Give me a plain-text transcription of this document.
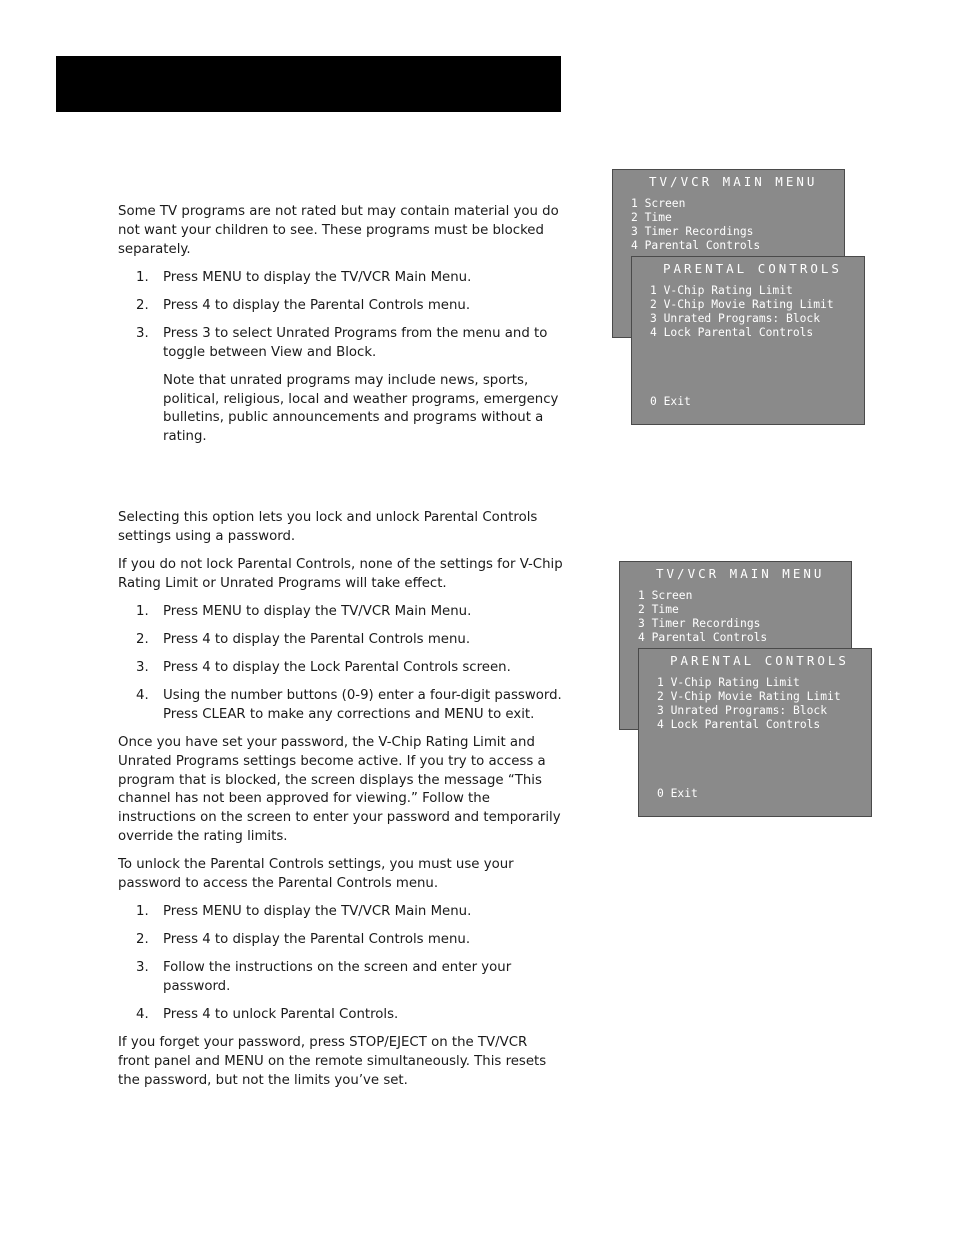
Some TV programs are not rated but may contain material you do not want your children to see. These programs must be blocked separately.

1. Press MENU to display the TV/VCR Main Menu.
2. Press 4 to display the Parental Controls menu.
3. Press 3 to select Unrated Programs from the menu and to toggle between View and Block.
Note that unrated programs may include news, sports, political, religious, local and weather programs, emergency bulletins, public announcements and programs without a rating.

Selecting this option lets you lock and unlock Parental Controls settings using a password.

If you do not lock Parental Controls, none of the settings for V-Chip Rating Limit or Unrated Programs will take effect.

1. Press MENU to display the TV/VCR Main Menu.
2. Press 4 to display the Parental Controls menu.
3. Press 4 to display the Lock Parental Controls screen.
4. Using the number buttons (0-9) enter a four-digit password. Press CLEAR to make any corrections and MENU to exit.

Once you have set your password, the V-Chip Rating Limit and Unrated Programs settings become active. If you try to access a program that is blocked, the screen displays the message “This channel has not been approved for viewing.” Follow the instructions on the screen to enter your password and temporarily override the rating limits.

To unlock the Parental Controls settings, you must use your password to access the Parental Controls menu.

1. Press MENU to display the TV/VCR Main Menu.
2. Press 4 to display the Parental Controls menu.
3. Follow the instructions on the screen and enter your password.
4. Press 4 to unlock Parental Controls.

If you forget your password, press STOP/EJECT on the TV/VCR front panel and MENU on the remote simultaneously. This resets the password, but not the limits you’ve set.

TV/VCR MAIN MENU
1 Screen
2 Time
3 Timer Recordings
4 Parental Controls
PARENTAL CONTROLS
1 V-Chip Rating Limit
2 V-Chip Movie Rating Limit
3 Unrated Programs: Block
4 Lock Parental Controls
0 Exit
TV/VCR MAIN MENU
1 Screen
2 Time
3 Timer Recordings
4 Parental Controls
PARENTAL CONTROLS
1 V-Chip Rating Limit
2 V-Chip Movie Rating Limit
3 Unrated Programs: Block
4 Lock Parental Controls
0 Exit
